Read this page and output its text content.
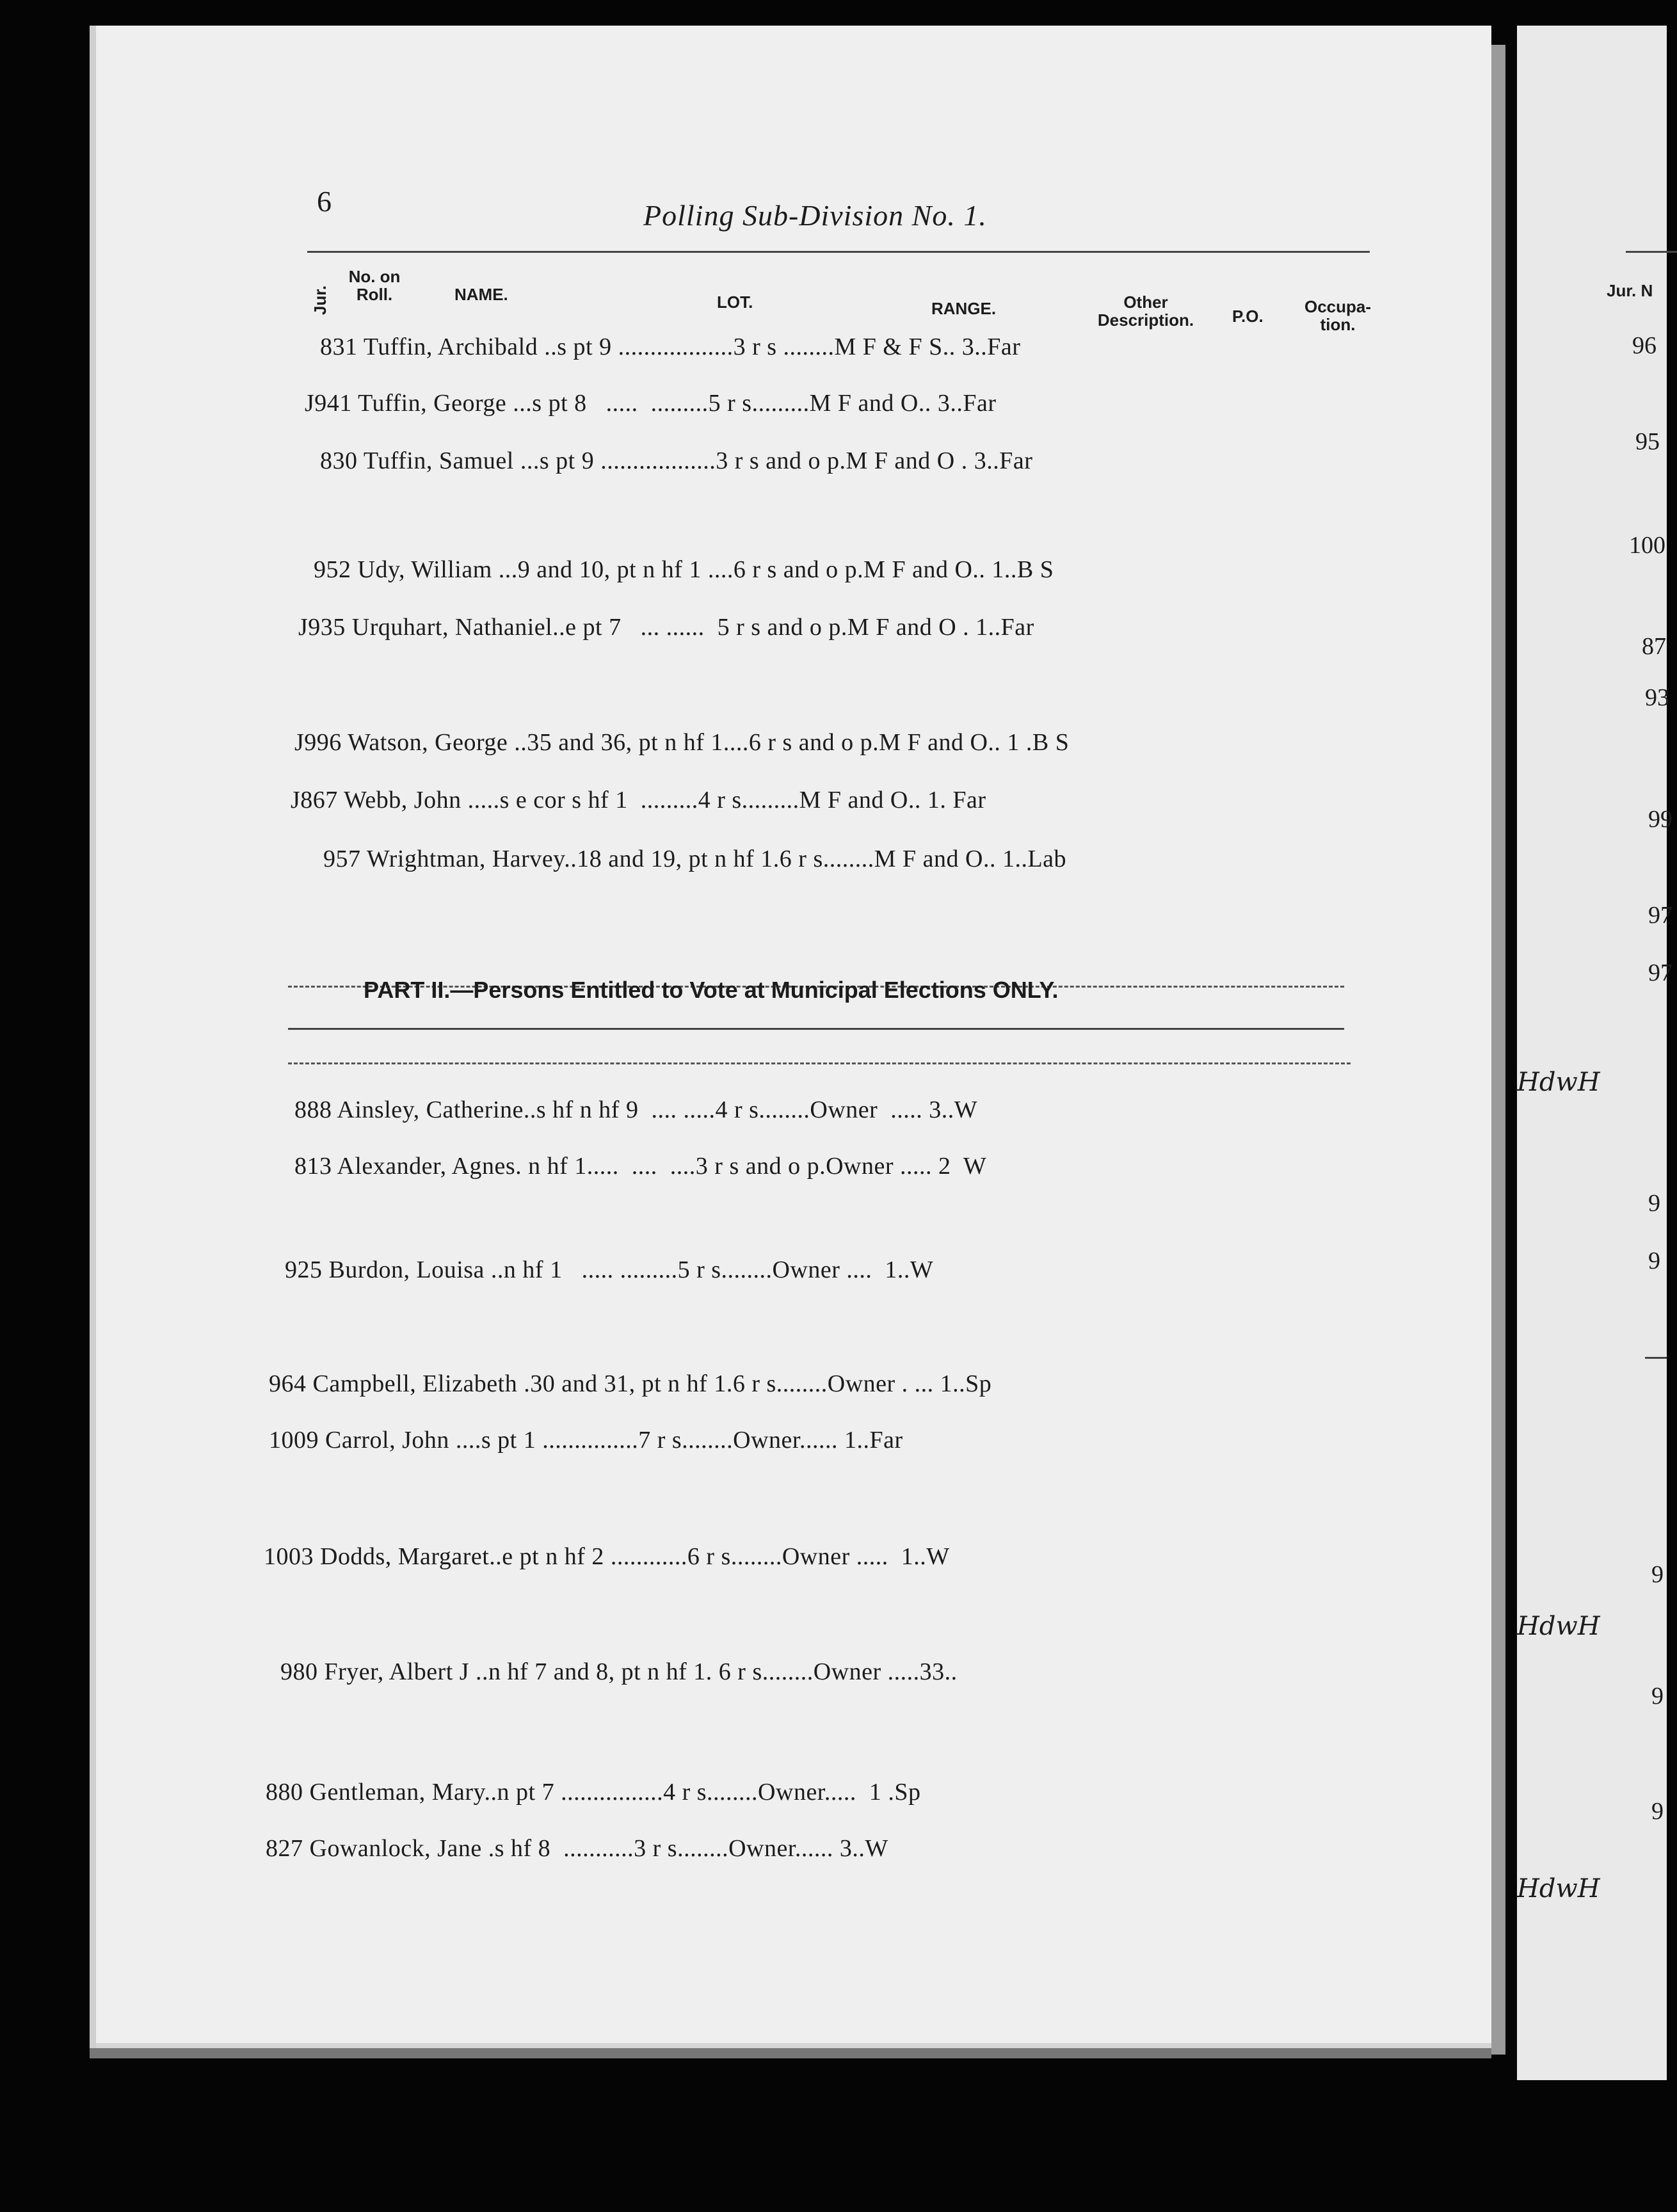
6	Polling Sub-Division No. 1.
Jur.
No. on Roll.	NAME.	LOT.	RANGE.	Other Description.	P.O.	Occupa- tion.
831 Tuffin, Archibald ..s pt 9 ..................3 r s ........M F & F S.. 3..Far
J941 Tuffin, George ...s pt 8   .....  .........5 r s.........M F and O.. 3..Far
830 Tuffin, Samuel ...s pt 9 ..................3 r s and o p.M F and O . 3..Far
952 Udy, William ...9 and 10, pt n hf 1 ....6 r s and o p.M F and O.. 1..B S
J935 Urquhart, Nathaniel..e pt 7   ... ......  5 r s and o p.M F and O . 1..Far
J996 Watson, George ..35 and 36, pt n hf 1....6 r s and o p.M F and O.. 1 .B S
J867 Webb, John .....s e cor s hf 1  .........4 r s.........M F and O.. 1. Far
957 Wrightman, Harvey..18 and 19, pt n hf 1.6 r s........M F and O.. 1..Lab
PART II.—Persons Entitled to Vote at Municipal Elections ONLY.
888 Ainsley, Catherine..s hf n hf 9  .... .....4 r s........Owner  ..... 3..W
813 Alexander, Agnes. n hf 1.....  ....  ....3 r s and o p.Owner ..... 2  W
925 Burdon, Louisa ..n hf 1   ..... .........5 r s........Owner ....  1..W
964 Campbell, Elizabeth .30 and 31, pt n hf 1.6 r s........Owner . ... 1..Sp
1009 Carrol, John ....s pt 1 ...............7 r s........Owner...... 1..Far
1003 Dodds, Margaret..e pt n hf 2 ............6 r s........Owner .....  1..W
980 Fryer, Albert J ..n hf 7 and 8, pt n hf 1. 6 r s........Owner .....33..
880 Gentleman, Mary..n pt 7 ................4 r s........Owner.....  1 .Sp
827 Gowanlock, Jane .s hf 8  ...........3 r s........Owner...... 3..W
Jur. N
96
95
100
87
93
99
97
97
HdwH
9
9
9
HdwH
9
9
HdwH
